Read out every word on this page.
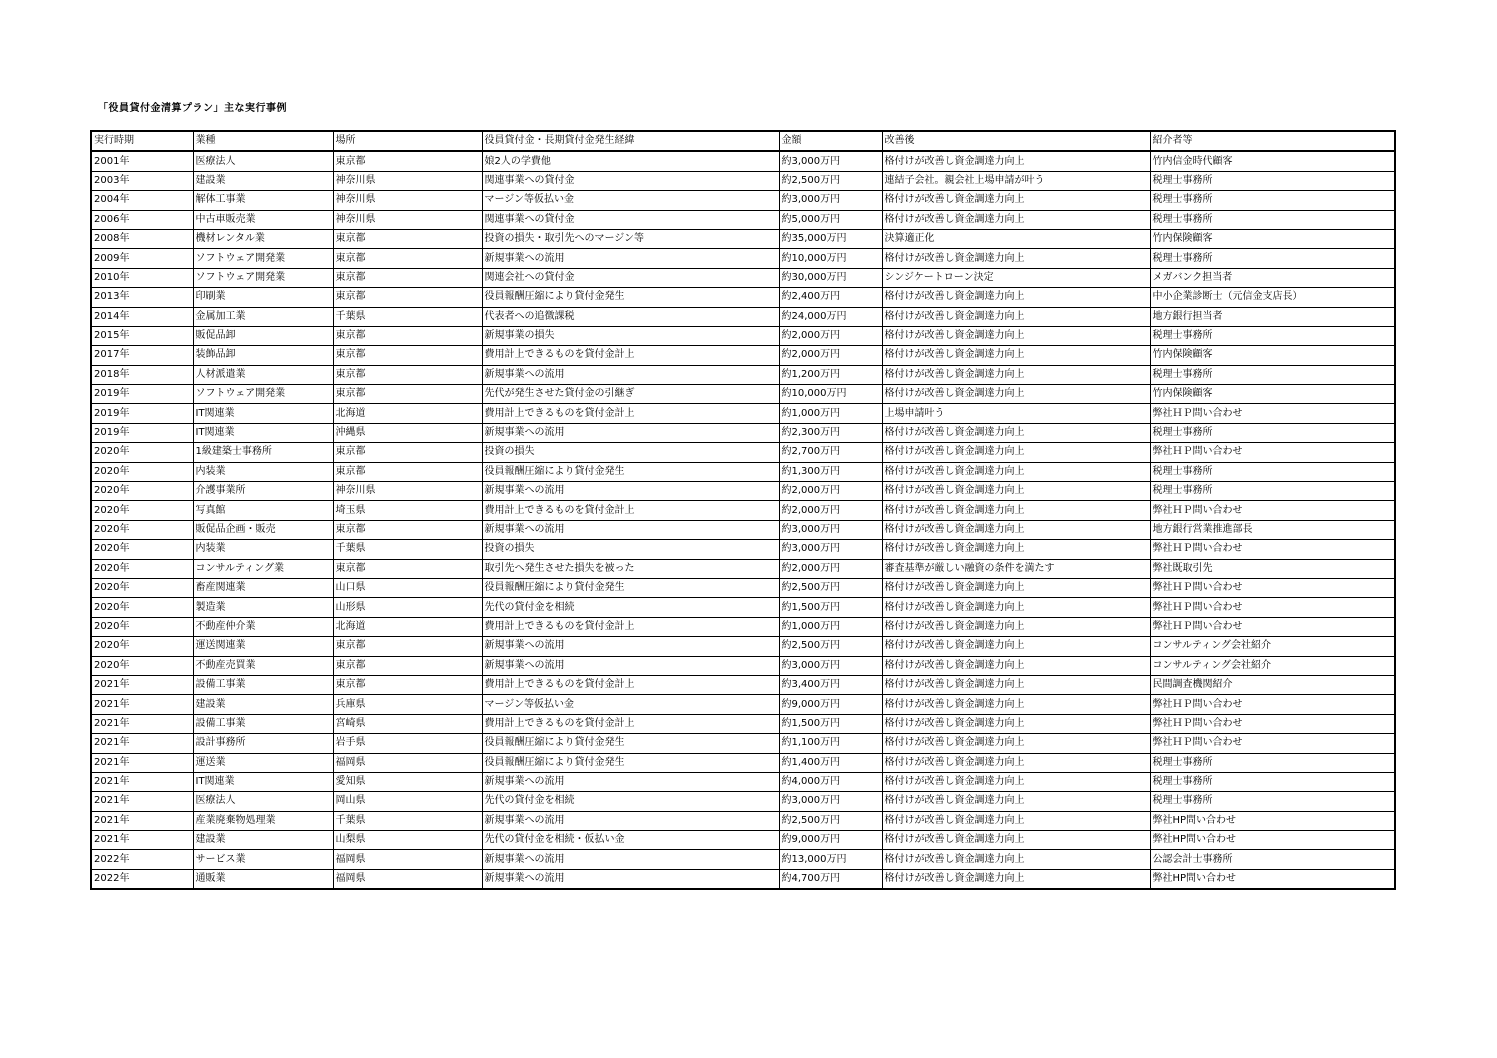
「役員貸付金清算プラン」主な実行事例
実行時期	業種	場所	役員貸付金・長期貸付金発生経緯	金額	改善後	紹介者等
2001年	医療法人	東京都	娘2人の学費他	約3,000万円	格付けが改善し資金調達力向上	竹内信金時代顧客
2003年	建設業	神奈川県	関連事業への貸付金	約2,500万円	連結子会社。親会社上場申請が叶う	税理士事務所
2004年	解体工事業	神奈川県	マージン等仮払い金	約3,000万円	格付けが改善し資金調達力向上	税理士事務所
2006年	中古車販売業	神奈川県	関連事業への貸付金	約5,000万円	格付けが改善し資金調達力向上	税理士事務所
2008年	機材レンタル業	東京都	投資の損失・取引先へのマージン等	約35,000万円	決算適正化	竹内保険顧客
2009年	ソフトウェア開発業	東京都	新規事業への流用	約10,000万円	格付けが改善し資金調達力向上	税理士事務所
2010年	ソフトウェア開発業	東京都	関連会社への貸付金	約30,000万円	シンジケートローン決定	メガバンク担当者
2013年	印刷業	東京都	役員報酬圧縮により貸付金発生	約2,400万円	格付けが改善し資金調達力向上	中小企業診断士（元信金支店長）
2014年	金属加工業	千葉県	代表者への追徴課税	約24,000万円	格付けが改善し資金調達力向上	地方銀行担当者
2015年	販促品卸	東京都	新規事業の損失	約2,000万円	格付けが改善し資金調達力向上	税理士事務所
2017年	装飾品卸	東京都	費用計上できるものを貸付金計上	約2,000万円	格付けが改善し資金調達力向上	竹内保険顧客
2018年	人材派遣業	東京都	新規事業への流用	約1,200万円	格付けが改善し資金調達力向上	税理士事務所
2019年	ソフトウェア開発業	東京都	先代が発生させた貸付金の引継ぎ	約10,000万円	格付けが改善し資金調達力向上	竹内保険顧客
2019年	IT関連業	北海道	費用計上できるものを貸付金計上	約1,000万円	上場申請叶う	弊社ＨＰ問い合わせ
2019年	IT関連業	沖縄県	新規事業への流用	約2,300万円	格付けが改善し資金調達力向上	税理士事務所
2020年	1級建築士事務所	東京都	投資の損失	約2,700万円	格付けが改善し資金調達力向上	弊社ＨＰ問い合わせ
2020年	内装業	東京都	役員報酬圧縮により貸付金発生	約1,300万円	格付けが改善し資金調達力向上	税理士事務所
2020年	介護事業所	神奈川県	新規事業への流用	約2,000万円	格付けが改善し資金調達力向上	税理士事務所
2020年	写真館	埼玉県	費用計上できるものを貸付金計上	約2,000万円	格付けが改善し資金調達力向上	弊社ＨＰ問い合わせ
2020年	販促品企画・販売	東京都	新規事業への流用	約3,000万円	格付けが改善し資金調達力向上	地方銀行営業推進部長
2020年	内装業	千葉県	投資の損失	約3,000万円	格付けが改善し資金調達力向上	弊社ＨＰ問い合わせ
2020年	コンサルティング業	東京都	取引先へ発生させた損失を被った	約2,000万円	審査基準が厳しい融資の条件を満たす	弊社既取引先
2020年	畜産関連業	山口県	役員報酬圧縮により貸付金発生	約2,500万円	格付けが改善し資金調達力向上	弊社ＨＰ問い合わせ
2020年	製造業	山形県	先代の貸付金を相続	約1,500万円	格付けが改善し資金調達力向上	弊社ＨＰ問い合わせ
2020年	不動産仲介業	北海道	費用計上できるものを貸付金計上	約1,000万円	格付けが改善し資金調達力向上	弊社ＨＰ問い合わせ
2020年	運送関連業	東京都	新規事業への流用	約2,500万円	格付けが改善し資金調達力向上	コンサルティング会社紹介
2020年	不動産売買業	東京都	新規事業への流用	約3,000万円	格付けが改善し資金調達力向上	コンサルティング会社紹介
2021年	設備工事業	東京都	費用計上できるものを貸付金計上	約3,400万円	格付けが改善し資金調達力向上	民間調査機関紹介
2021年	建設業	兵庫県	マージン等仮払い金	約9,000万円	格付けが改善し資金調達力向上	弊社ＨＰ問い合わせ
2021年	設備工事業	宮崎県	費用計上できるものを貸付金計上	約1,500万円	格付けが改善し資金調達力向上	弊社ＨＰ問い合わせ
2021年	設計事務所	岩手県	役員報酬圧縮により貸付金発生	約1,100万円	格付けが改善し資金調達力向上	弊社ＨＰ問い合わせ
2021年	運送業	福岡県	役員報酬圧縮により貸付金発生	約1,400万円	格付けが改善し資金調達力向上	税理士事務所
2021年	IT関連業	愛知県	新規事業への流用	約4,000万円	格付けが改善し資金調達力向上	税理士事務所
2021年	医療法人	岡山県	先代の貸付金を相続	約3,000万円	格付けが改善し資金調達力向上	税理士事務所
2021年	産業廃棄物処理業	千葉県	新規事業への流用	約2,500万円	格付けが改善し資金調達力向上	弊社HP問い合わせ
2021年	建設業	山梨県	先代の貸付金を相続・仮払い金	約9,000万円	格付けが改善し資金調達力向上	弊社HP問い合わせ
2022年	サービス業	福岡県	新規事業への流用	約13,000万円	格付けが改善し資金調達力向上	公認会計士事務所
2022年	通販業	福岡県	新規事業への流用	約4,700万円	格付けが改善し資金調達力向上	弊社HP問い合わせ
